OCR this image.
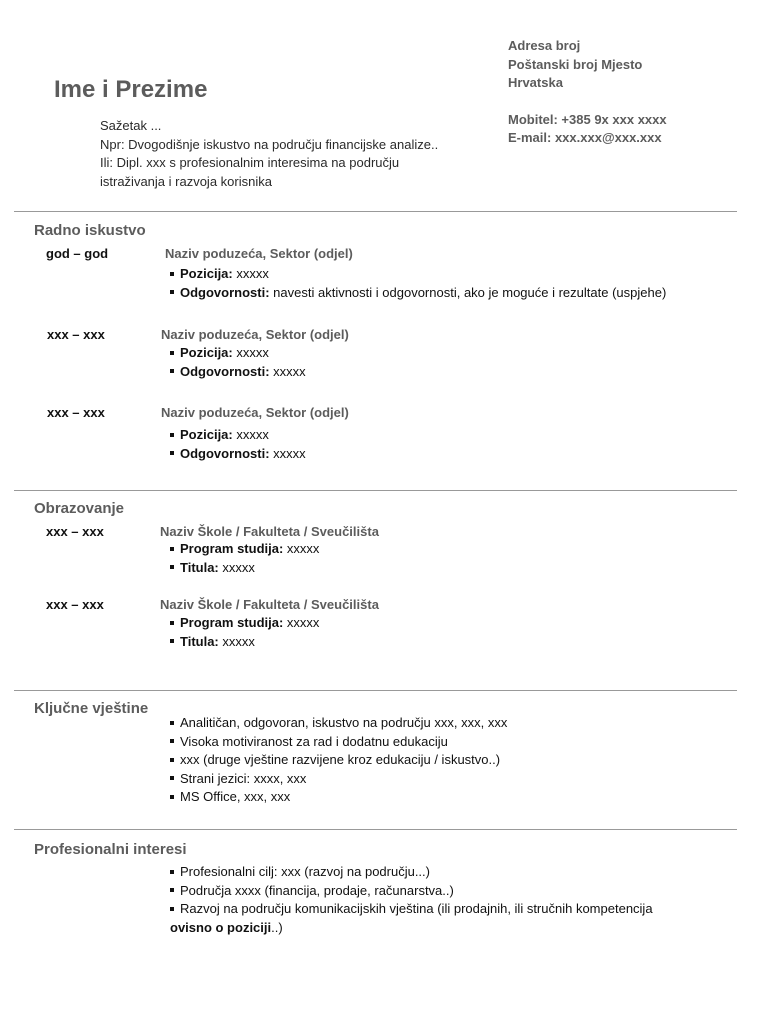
Ime i Prezime
Adresa broj
Poštanski broj Mjesto
Hrvatska
Mobitel: +385 9x xxx xxxx
E-mail: xxx.xxx@xxx.xxx
Sažetak ...
Npr: Dvogodišnje iskustvo na području financijske analize..
Ili: Dipl. xxx s profesionalnim interesima na području
istraživanja i razvoja korisnika
Radno iskustvo
god – god	Naziv poduzeća, Sektor (odjel)
Pozicija: xxxxx
Odgovornosti: navesti aktivnosti i odgovornosti, ako je moguće i rezultate (uspjehe)
xxx – xxx	Naziv poduzeća, Sektor (odjel)
Pozicija: xxxxx
Odgovornosti: xxxxx
xxx – xxx	Naziv poduzeća, Sektor (odjel)
Pozicija: xxxxx
Odgovornosti: xxxxx
Obrazovanje
xxx – xxx	Naziv Škole / Fakulteta / Sveučilišta
Program studija: xxxxx
Titula: xxxxx
xxx – xxx	Naziv Škole / Fakulteta / Sveučilišta
Program studija: xxxxx
Titula: xxxxx
Ključne vještine
Analitičan, odgovoran, iskustvo na području xxx, xxx, xxx
Visoka motiviranost za rad i dodatnu edukaciju
xxx (druge vještine razvijene kroz edukaciju / iskustvo..)
Strani jezici: xxxx, xxx
MS Office, xxx, xxx
Profesionalni interesi
Profesionalni cilj: xxx (razvoj na području...)
Područja xxxx (financija, prodaje, računarstva..)
Razvoj na području komunikacijskih vještina (ili prodajnih, ili stručnih kompetencija
ovisno o poziciji..)
